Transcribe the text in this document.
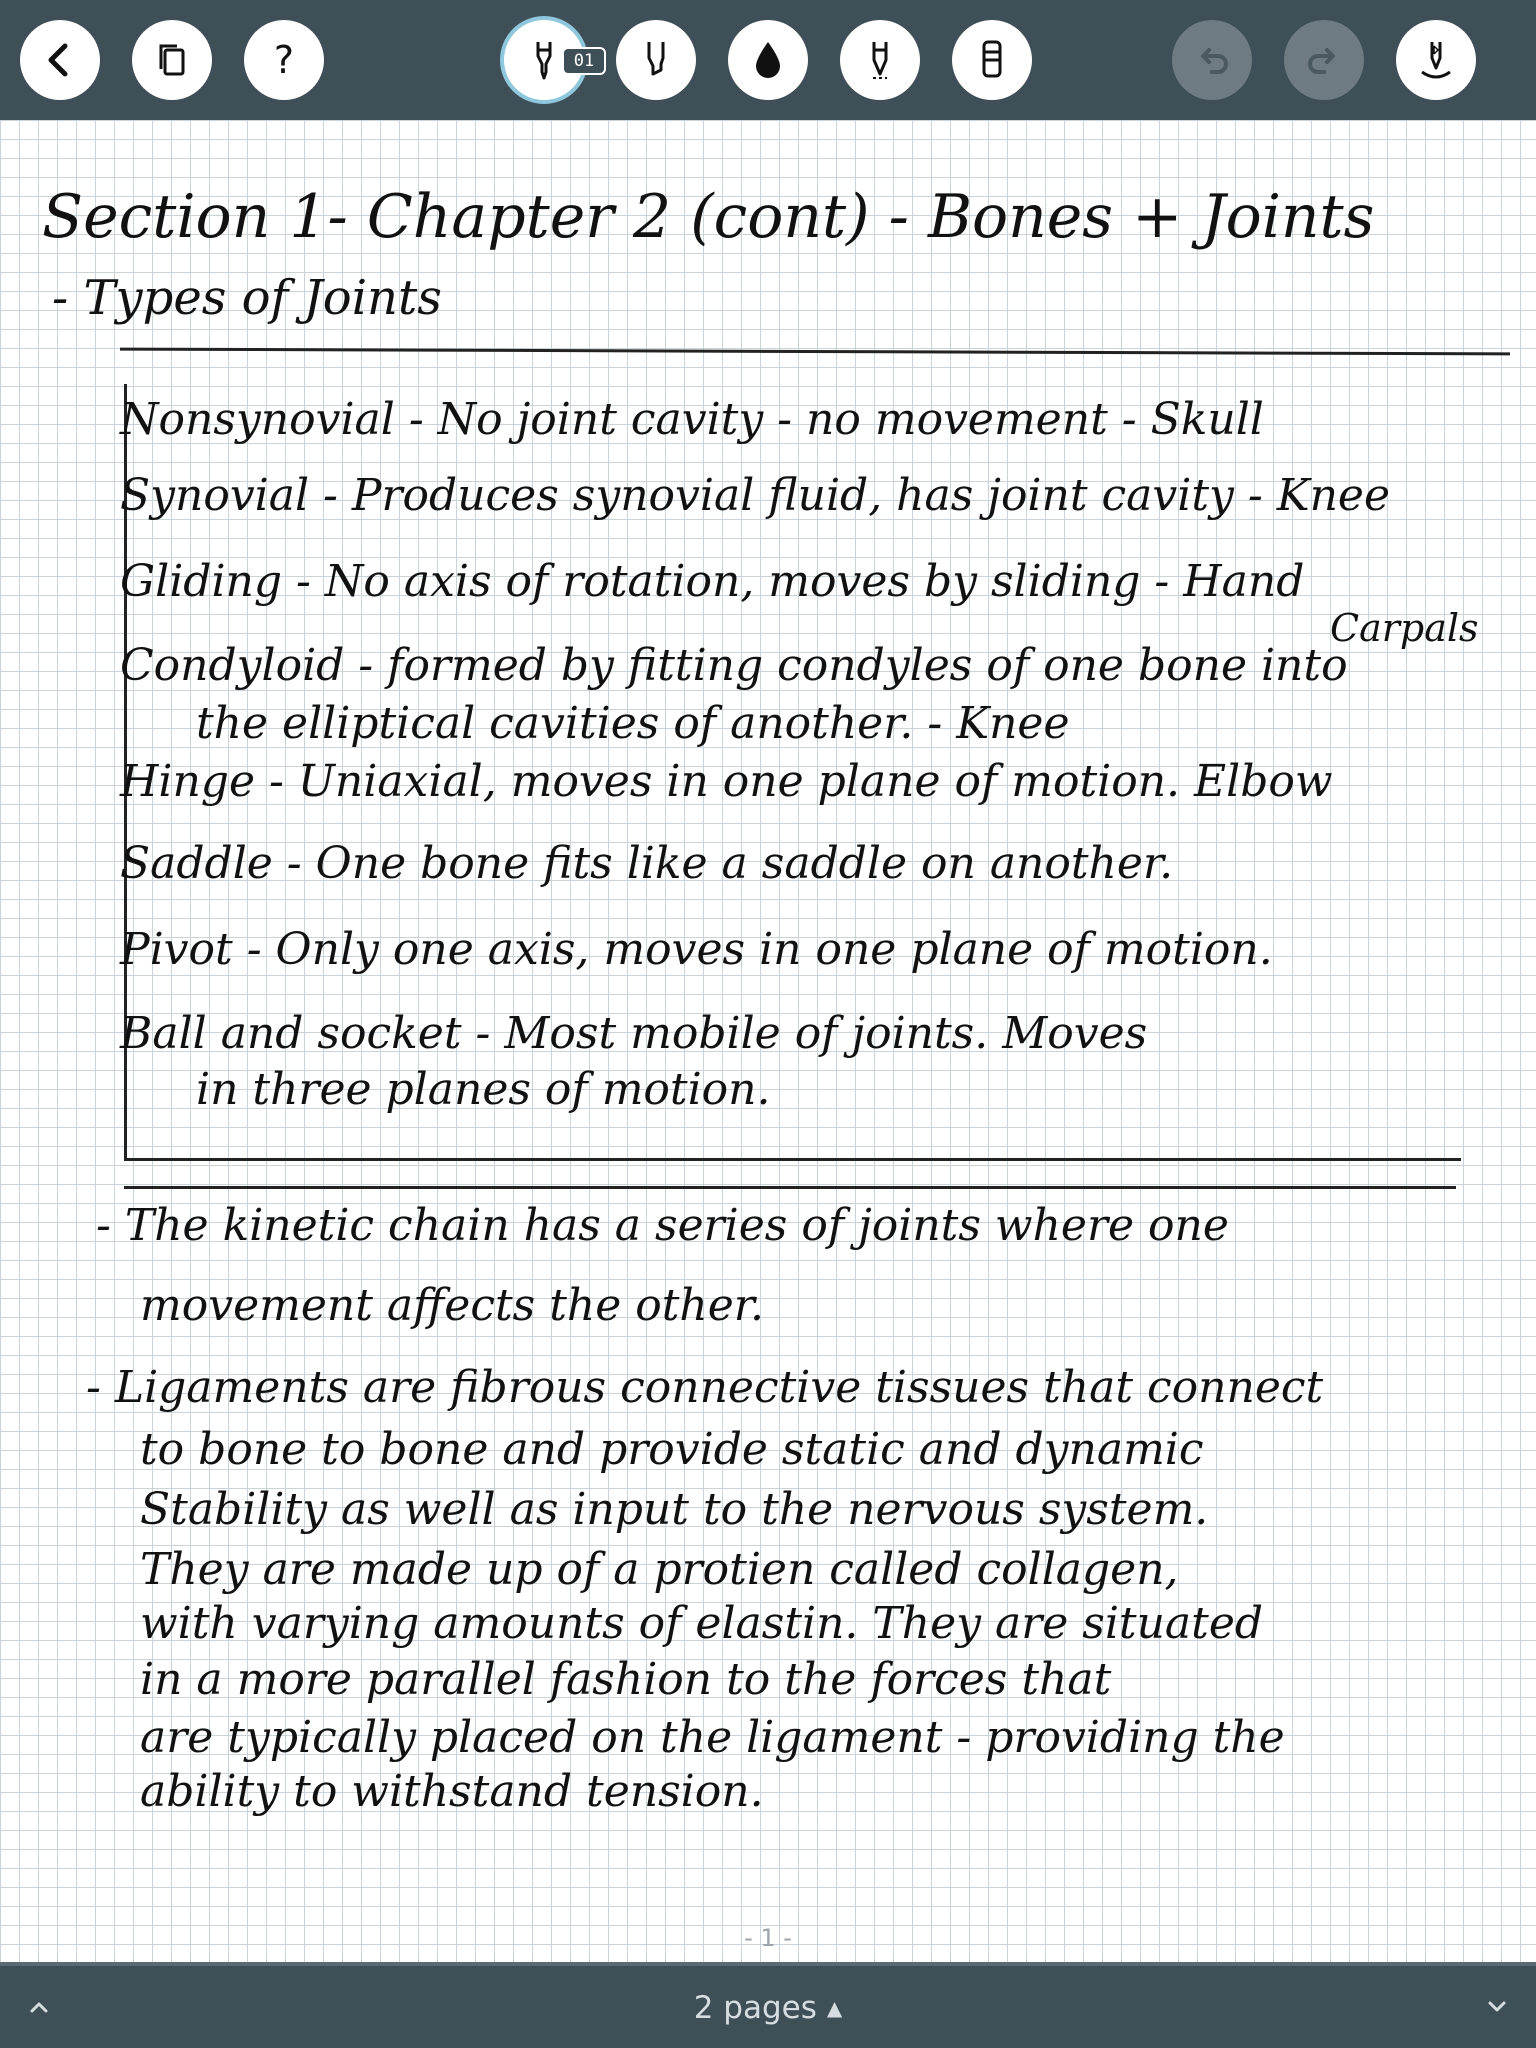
?	01
Section 1- Chapter 2 (cont) - Bones + Joints
- Types of Joints
Nonsynovial - No joint cavity - no movement - Skull
Synovial - Produces synovial fluid, has joint cavity - Knee
Gliding - No axis of rotation, moves by sliding - Hand
Carpals
Condyloid - formed by fitting condyles of one bone into
the elliptical cavities of another. - Knee
Hinge - Uniaxial, moves in one plane of motion. Elbow
Saddle - One bone fits like a saddle on another.
Pivot - Only one axis, moves in one plane of motion.
Ball and socket - Most mobile of joints. Moves
in three planes of motion.
- The kinetic chain has a series of joints where one
movement affects the other.
- Ligaments are fibrous connective tissues that connect
to bone to bone and provide static and dynamic
Stability as well as input to the nervous system.
They are made up of a protien called collagen,
with varying amounts of elastin. They are situated
in a more parallel fashion to the forces that
are typically placed on the ligament - providing the
ability to withstand tension.
- 1 -
2 pages ▲
